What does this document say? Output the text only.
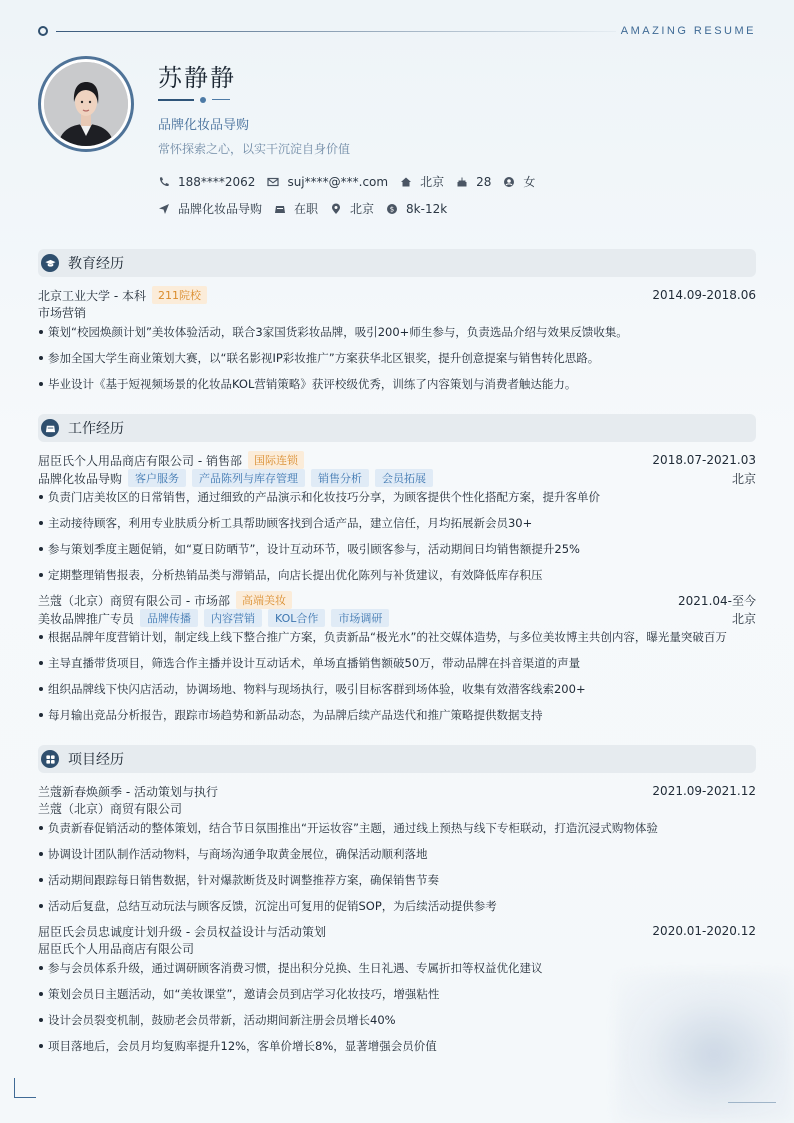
AMAZING RESUME
苏静静
品牌化妆品导购
常怀探索之心，以实干沉淀自身价值
188****2062	suj****@***.com	北京	28	女
品牌化妆品导购	在职	北京 $ 8k-12k
教育经历
北京工业大学 - 本科	211院校	2014.09-2018.06
市场营销
策划“校园焕颜计划”美妆体验活动，联合3家国货彩妆品牌，吸引200+师生参与，负责选品介绍与效果反馈收集。
参加全国大学生商业策划大赛，以“联名影视IP彩妆推广”方案获华北区银奖，提升创意提案与销售转化思路。
毕业设计《基于短视频场景的化妆品KOL营销策略》获评校级优秀，训练了内容策划与消费者触达能力。
工作经历
屈臣氏个人用品商店有限公司 - 销售部	国际连锁	2018.07-2021.03
品牌化妆品导购	客户服务	产品陈列与库存管理	销售分析	会员拓展	北京
负责门店美妆区的日常销售，通过细致的产品演示和化妆技巧分享，为顾客提供个性化搭配方案，提升客单价
主动接待顾客，利用专业肤质分析工具帮助顾客找到合适产品，建立信任，月均拓展新会员30+
参与策划季度主题促销，如“夏日防晒节”，设计互动环节，吸引顾客参与，活动期间日均销售额提升25%
定期整理销售报表，分析热销品类与滞销品，向店长提出优化陈列与补货建议，有效降低库存积压
兰蔻（北京）商贸有限公司 - 市场部	高端美妆	2021.04-至今
美妆品牌推广专员	品牌传播	内容营销	KOL合作	市场调研	北京
根据品牌年度营销计划，制定线上线下整合推广方案，负责新品“极光水”的社交媒体造势，与多位美妆博主共创内容，曝光量突破百万
主导直播带货项目，筛选合作主播并设计互动话术，单场直播销售额破50万，带动品牌在抖音渠道的声量
组织品牌线下快闪店活动，协调场地、物料与现场执行，吸引目标客群到场体验，收集有效潜客线索200+
每月输出竞品分析报告，跟踪市场趋势和新品动态，为品牌后续产品迭代和推广策略提供数据支持
项目经历
兰蔻新春焕颜季 - 活动策划与执行	2021.09-2021.12
兰蔻（北京）商贸有限公司
负责新春促销活动的整体策划，结合节日氛围推出“开运妆容”主题，通过线上预热与线下专柜联动，打造沉浸式购物体验
协调设计团队制作活动物料，与商场沟通争取黄金展位，确保活动顺利落地
活动期间跟踪每日销售数据，针对爆款断货及时调整推荐方案，确保销售节奏
活动后复盘，总结互动玩法与顾客反馈，沉淀出可复用的促销SOP，为后续活动提供参考
屈臣氏会员忠诚度计划升级 - 会员权益设计与活动策划	2020.01-2020.12
屈臣氏个人用品商店有限公司
参与会员体系升级，通过调研顾客消费习惯，提出积分兑换、生日礼遇、专属折扣等权益优化建议
策划会员日主题活动，如“美妆课堂”，邀请会员到店学习化妆技巧，增强粘性
设计会员裂变机制，鼓励老会员带新，活动期间新注册会员增长40%
项目落地后，会员月均复购率提升12%，客单价增长8%，显著增强会员价值
